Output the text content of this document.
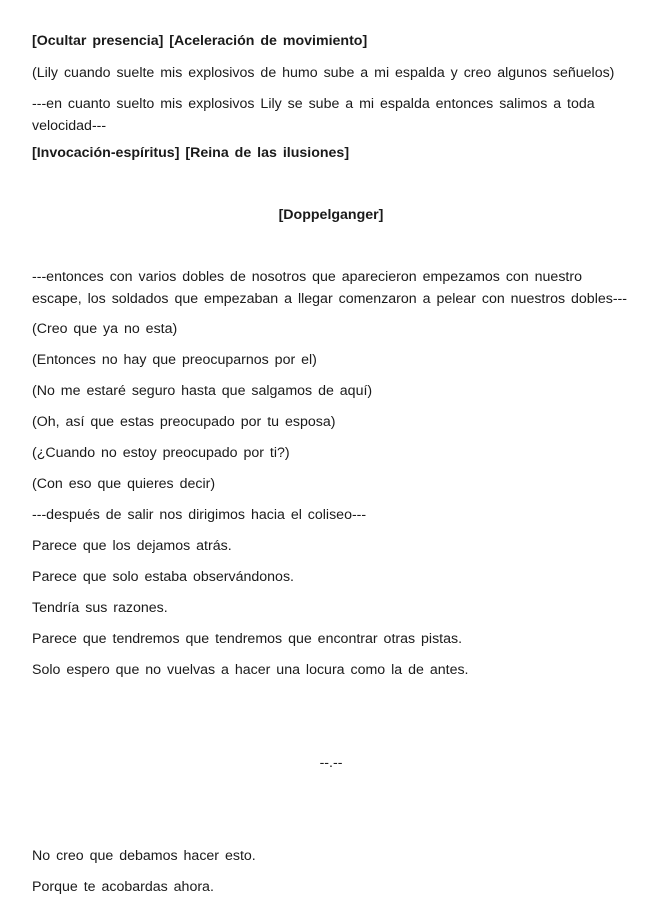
[Ocultar presencia] [Aceleración de movimiento]
(Lily cuando suelte mis explosivos de humo sube a mi espalda y creo algunos señuelos)
---en cuanto suelto mis explosivos Lily se sube a mi espalda entonces salimos a toda velocidad---
[Invocación-espíritus] [Reina de las ilusiones]
[Doppelganger]
---entonces con varios dobles de nosotros que aparecieron empezamos con nuestro escape, los soldados que empezaban a llegar comenzaron a pelear con nuestros dobles---
(Creo que ya no esta)
(Entonces no hay que preocuparnos por el)
(No me estaré seguro hasta que salgamos de aquí)
(Oh, así que estas preocupado por tu esposa)
(¿Cuando no estoy preocupado por ti?)
(Con eso que quieres decir)
---después de salir nos dirigimos hacia el coliseo---
Parece que los dejamos atrás.
Parece que solo estaba observándonos.
Tendría sus razones.
Parece que tendremos que tendremos que encontrar otras pistas.
Solo espero que no vuelvas a hacer una locura como la de antes.
--.--
No creo que debamos hacer esto.
Porque te acobardas ahora.
